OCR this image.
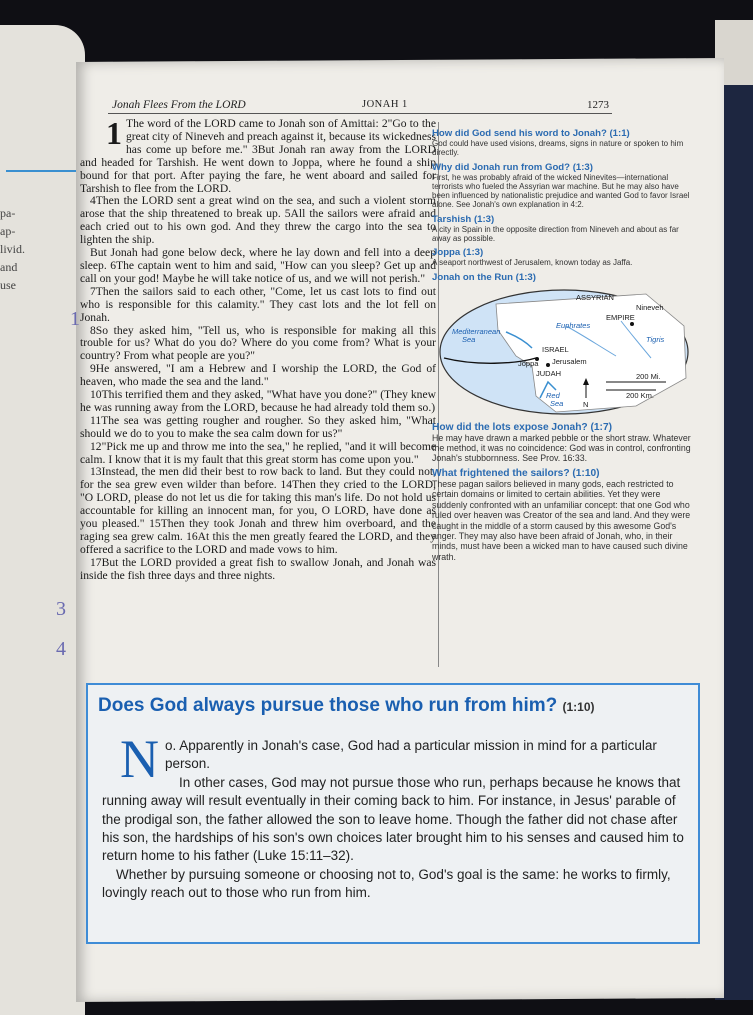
pa-
ap-
livid.
and
use
Jonah Flees From the LORD	JONAH 1	1273
1 The word of the LORD came to Jonah son of Amittai: 2"Go to the great city of Nineveh and preach against it, because its wickedness has come up before me." 3But Jonah ran away from the LORD and headed for Tarshish. He went down to Joppa, where he found a ship bound for that port. After paying the fare, he went aboard and sailed for Tarshish to flee from the LORD.

4Then the LORD sent a great wind on the sea, and such a violent storm arose that the ship threatened to break up. 5All the sailors were afraid and each cried out to his own god. And they threw the cargo into the sea to lighten the ship.

But Jonah had gone below deck, where he lay down and fell into a deep sleep. 6The captain went to him and said, "How can you sleep? Get up and call on your god! Maybe he will take notice of us, and we will not perish."

7Then the sailors said to each other, "Come, let us cast lots to find out who is responsible for this calamity." They cast lots and the lot fell on Jonah.

8So they asked him, "Tell us, who is responsible for making all this trouble for us? What do you do? Where do you come from? What is your country? From what people are you?"

9He answered, "I am a Hebrew and I worship the LORD, the God of heaven, who made the sea and the land."

10This terrified them and they asked, "What have you done?" (They knew he was running away from the LORD, because he had already told them so.)

11The sea was getting rougher and rougher. So they asked him, "What should we do to you to make the sea calm down for us?"

12"Pick me up and throw me into the sea," he replied, "and it will become calm. I know that it is my fault that this great storm has come upon you."

13Instead, the men did their best to row back to land. But they could not, for the sea grew even wilder than before. 14Then they cried to the LORD, "O LORD, please do not let us die for taking this man's life. Do not hold us accountable for killing an innocent man, for you, O LORD, have done as you pleased." 15Then they took Jonah and threw him overboard, and the raging sea grew calm. 16At this the men greatly feared the LORD, and they offered a sacrifice to the LORD and made vows to him.

17But the LORD provided a great fish to swallow Jonah, and Jonah was inside the fish three days and three nights.

How did God send his word to Jonah? (1:1)
God could have used visions, dreams, signs in nature or spoken to him directly.
Why did Jonah run from God? (1:3)
First, he was probably afraid of the wicked Ninevites—international terrorists who fueled the Assyrian war machine. But he may also have been influenced by nationalistic prejudice and wanted God to favor Israel alone. See Jonah's own explanation in 4:2.
Tarshish (1:3)
A city in Spain in the opposite direction from Nineveh and about as far away as possible.
Joppa (1:3)
A seaport northwest of Jerusalem, known today as Jaffa.
Jonah on the Run (1:3)
ASSYRIAN
EMPIRE
Nineveh
Euphrates
Tigris
Mediterranean
Sea
ISRAEL
Jerusalem
Joppa
JUDAH
Red
Sea	N
200 Mi.
200 Km.
How did the lots expose Jonah? (1:7)
He may have drawn a marked pebble or the short straw. Whatever the method, it was no coincidence: God was in control, confronting Jonah's stubbornness. See Prov. 16:33.
What frightened the sailors? (1:10)
These pagan sailors believed in many gods, each restricted to certain domains or limited to certain abilities. Yet they were suddenly confronted with an unfamiliar concept: that one God who ruled over heaven was Creator of the sea and land. And they were caught in the middle of a storm caused by this awesome God's anger. They may also have been afraid of Jonah, who, in their minds, must have been a wicked man to have caused such divine wrath.
1
3
4
Does God always pursue those who run from him? (1:10)
N o. Apparently in Jonah's case, God had a particular mission in mind for a particular person.

In other cases, God may not pursue those who run, perhaps because he knows that running away will result eventually in their coming back to him. For instance, in Jesus' parable of the prodigal son, the father allowed the son to leave home. Though the father did not chase after his son, the hardships of his son's own choices later brought him to his senses and caused him to return home to his father (Luke 15:11–32).

Whether by pursuing someone or choosing not to, God's goal is the same: he works to firmly, lovingly reach out to those who run from him.
